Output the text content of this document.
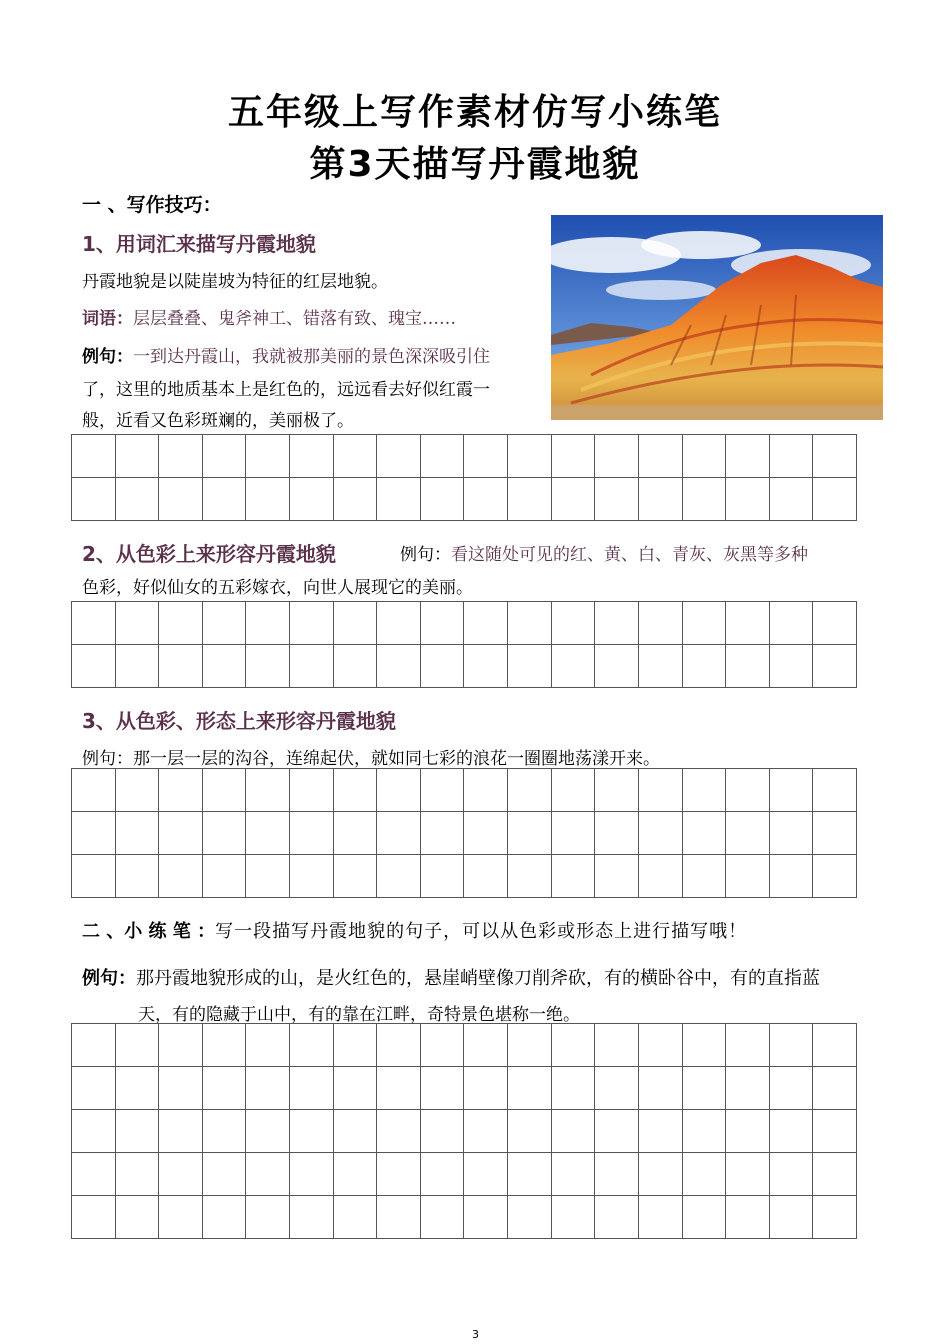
五年级上写作素材仿写小练笔
第3天描写丹霞地貌
一 、写作技巧：
1、用词汇来描写丹霞地貌
丹霞地貌是以陡崖坡为特征的红层地貌。
词语：层层叠叠、鬼斧神工、错落有致、瑰宝……
例句：一到达丹霞山，我就被那美丽的景色深深吸引住
了，这里的地质基本上是红色的，远远看去好似红霞一
般，近看又色彩斑斓的，美丽极了。

2、从色彩上来形容丹霞地貌	例句：看这随处可见的红、黄、白、青灰、灰黑等多种
色彩，好似仙女的五彩嫁衣，向世人展现它的美丽。

3、从色彩、形态上来形容丹霞地貌
例句：那一层一层的沟谷，连绵起伏，就如同七彩的浪花一圈圈地荡漾开来。

二 、小 练 笔 ：写一段描写丹霞地貌的句子，可以从色彩或形态上进行描写哦！
例句：那丹霞地貌形成的山，是火红色的，悬崖峭壁像刀削斧砍，有的横卧谷中，有的直指蓝
天，有的隐藏于山中，有的靠在江畔，奇特景色堪称一绝。

3
